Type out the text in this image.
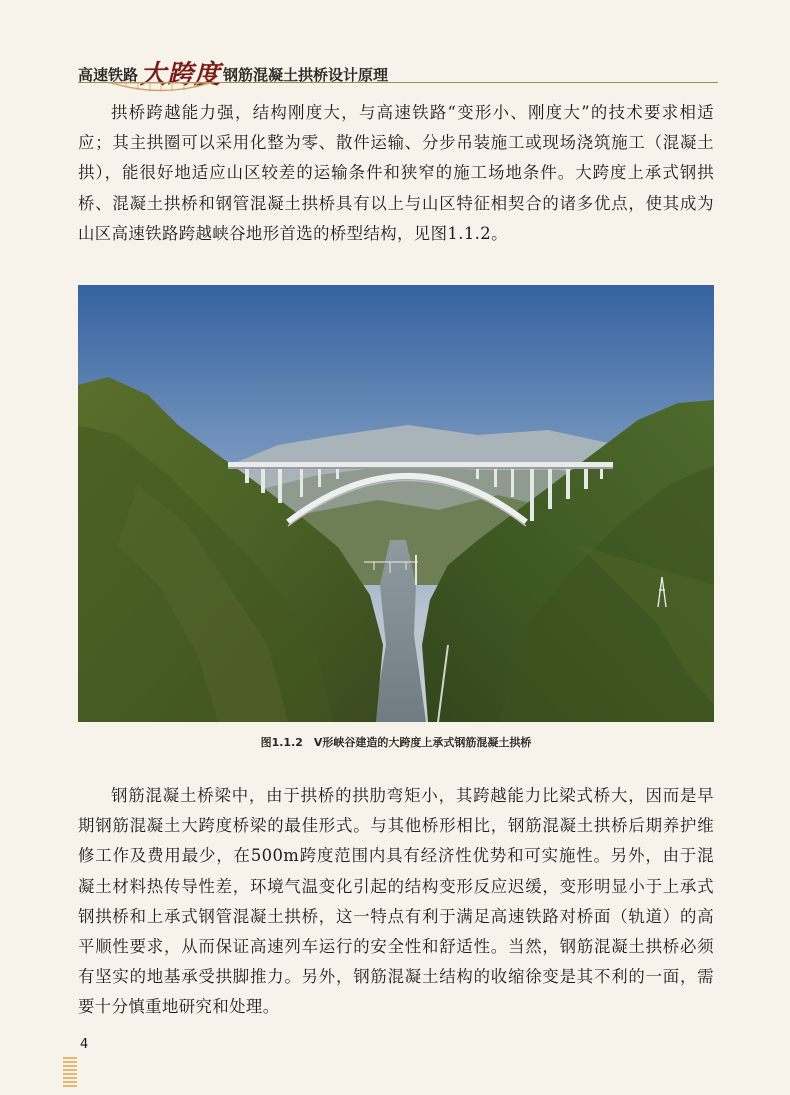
高速铁路大跨度 钢筋混凝土拱桥设计原理

拱桥跨越能力强，结构刚度大，与高速铁路“变形小、刚度大”的技术要求相适应；其主拱圈可以采用化整为零、散件运输、分步吊装施工或现场浇筑施工（混凝土拱），能很好地适应山区较差的运输条件和狭窄的施工场地条件。大跨度上承式钢拱桥、混凝土拱桥和钢管混凝土拱桥具有以上与山区特征相契合的诸多优点，使其成为山区高速铁路跨越峡谷地形首选的桥型结构，见图1.1.2。

图1.1.2　V形峡谷建造的大跨度上承式钢筋混凝土拱桥

钢筋混凝土桥梁中，由于拱桥的拱肋弯矩小，其跨越能力比梁式桥大，因而是早期钢筋混凝土大跨度桥梁的最佳形式。与其他桥形相比，钢筋混凝土拱桥后期养护维修工作及费用最少，在500m跨度范围内具有经济性优势和可实施性。另外，由于混凝土材料热传导性差，环境气温变化引起的结构变形反应迟缓，变形明显小于上承式钢拱桥和上承式钢管混凝土拱桥，这一特点有利于满足高速铁路对桥面（轨道）的高平顺性要求，从而保证高速列车运行的安全性和舒适性。当然，钢筋混凝土拱桥必须有坚实的地基承受拱脚推力。另外，钢筋混凝土结构的收缩徐变是其不利的一面，需要十分慎重地研究和处理。

4
